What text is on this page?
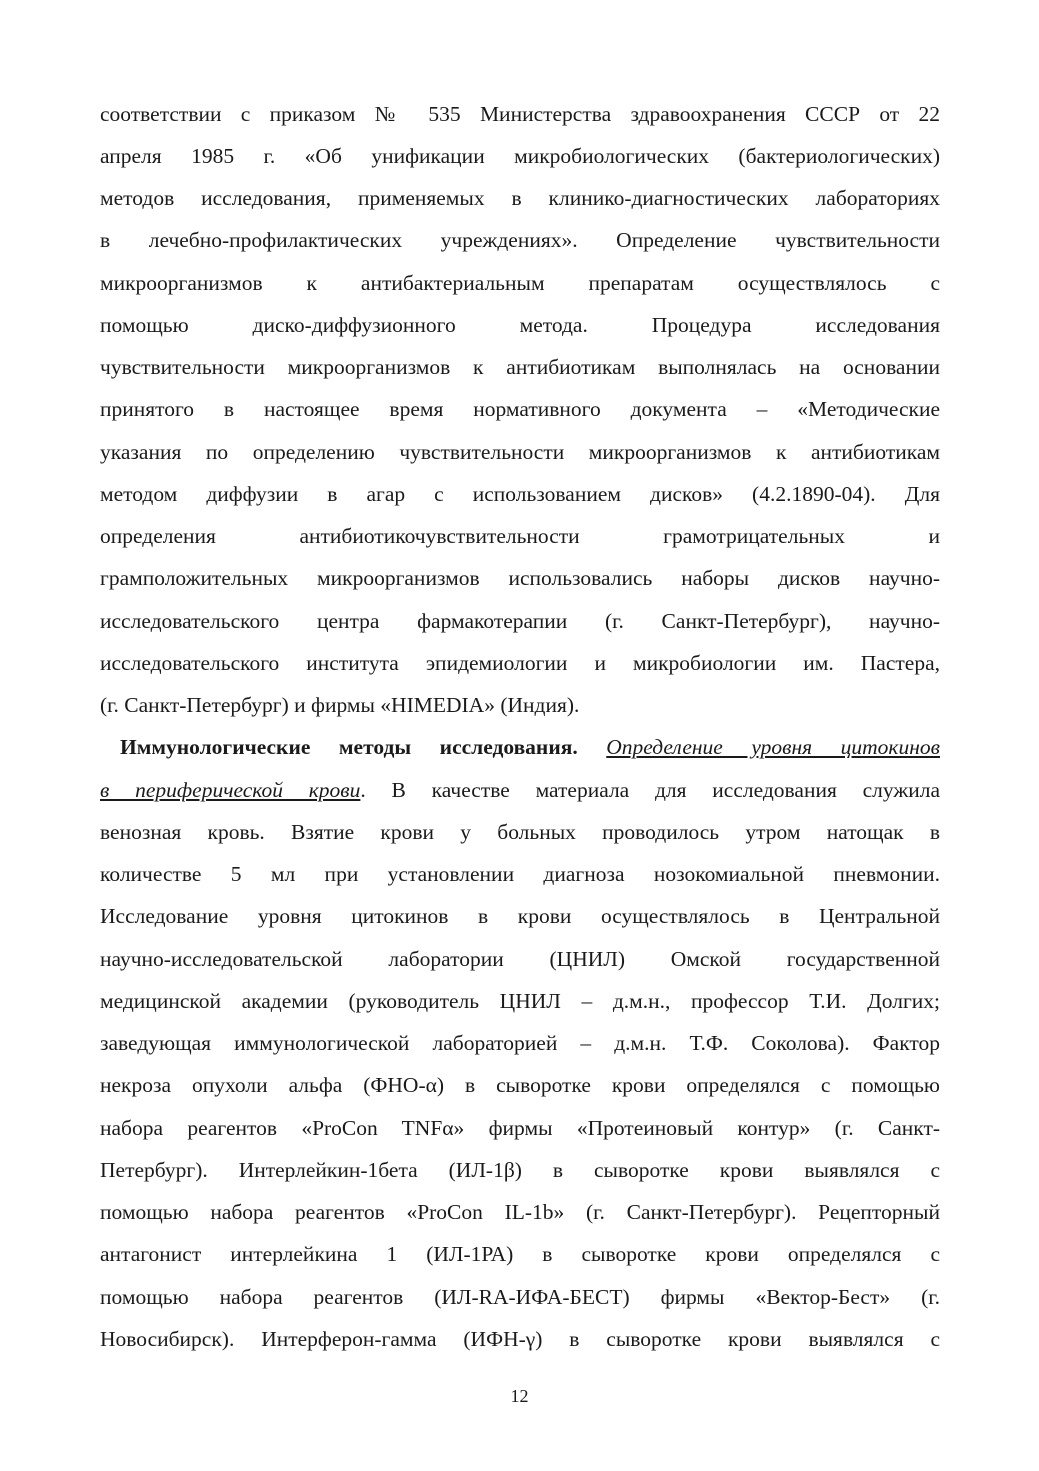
соответствии с приказом № 535 Министерства здравоохранения СССР от 22
апреля 1985 г. «Об унификации микробиологических (бактериологических)
методов исследования, применяемых в клинико-диагностических лабораториях
в лечебно-профилактических учреждениях». Определение чувствительности
микроорганизмов к антибактериальным препаратам осуществлялось с
помощью диско-диффузионного метода. Процедура исследования
чувствительности микроорганизмов к антибиотикам выполнялась на основании
принятого в настоящее время нормативного документа – «Методические
указания по определению чувствительности микроорганизмов к антибиотикам
методом диффузии в агар с использованием дисков» (4.2.1890-04). Для
определения антибиотикочувствительности грамотрицательных и
грамположительных микроорганизмов использовались наборы дисков научно-
исследовательского центра фармакотерапии (г. Санкт-Петербург), научно-
исследовательского института эпидемиологии и микробиологии им. Пастера,
(г. Санкт-Петербург) и фирмы «HIMEDIA» (Индия).
Иммунологические методы исследования. Определение уровня цитокинов
в периферической крови. В качестве материала для исследования служила
венозная кровь. Взятие крови у больных проводилось утром натощак в
количестве 5 мл при установлении диагноза нозокомиальной пневмонии.
Исследование уровня цитокинов в крови осуществлялось в Центральной
научно-исследовательской лаборатории (ЦНИЛ) Омской государственной
медицинской академии (руководитель ЦНИЛ – д.м.н., профессор Т.И. Долгих;
заведующая иммунологической лабораторией – д.м.н. Т.Ф. Соколова). Фактор
некроза опухоли альфа (ФНО-α) в сыворотке крови определялся с помощью
набора реагентов «ProCon TNFα» фирмы «Протеиновый контур» (г. Санкт-
Петербург). Интерлейкин-1бета (ИЛ-1β) в сыворотке крови выявлялся с
помощью набора реагентов «ProCon IL-1b» (г. Санкт-Петербург). Рецепторный
антагонист интерлейкина 1 (ИЛ-1РА) в сыворотке крови определялся с
помощью набора реагентов (ИЛ-RA-ИФА-БЕСТ) фирмы «Вектор-Бест» (г.
Новосибирск). Интерферон-гамма (ИФН-γ) в сыворотке крови выявлялся с
12
